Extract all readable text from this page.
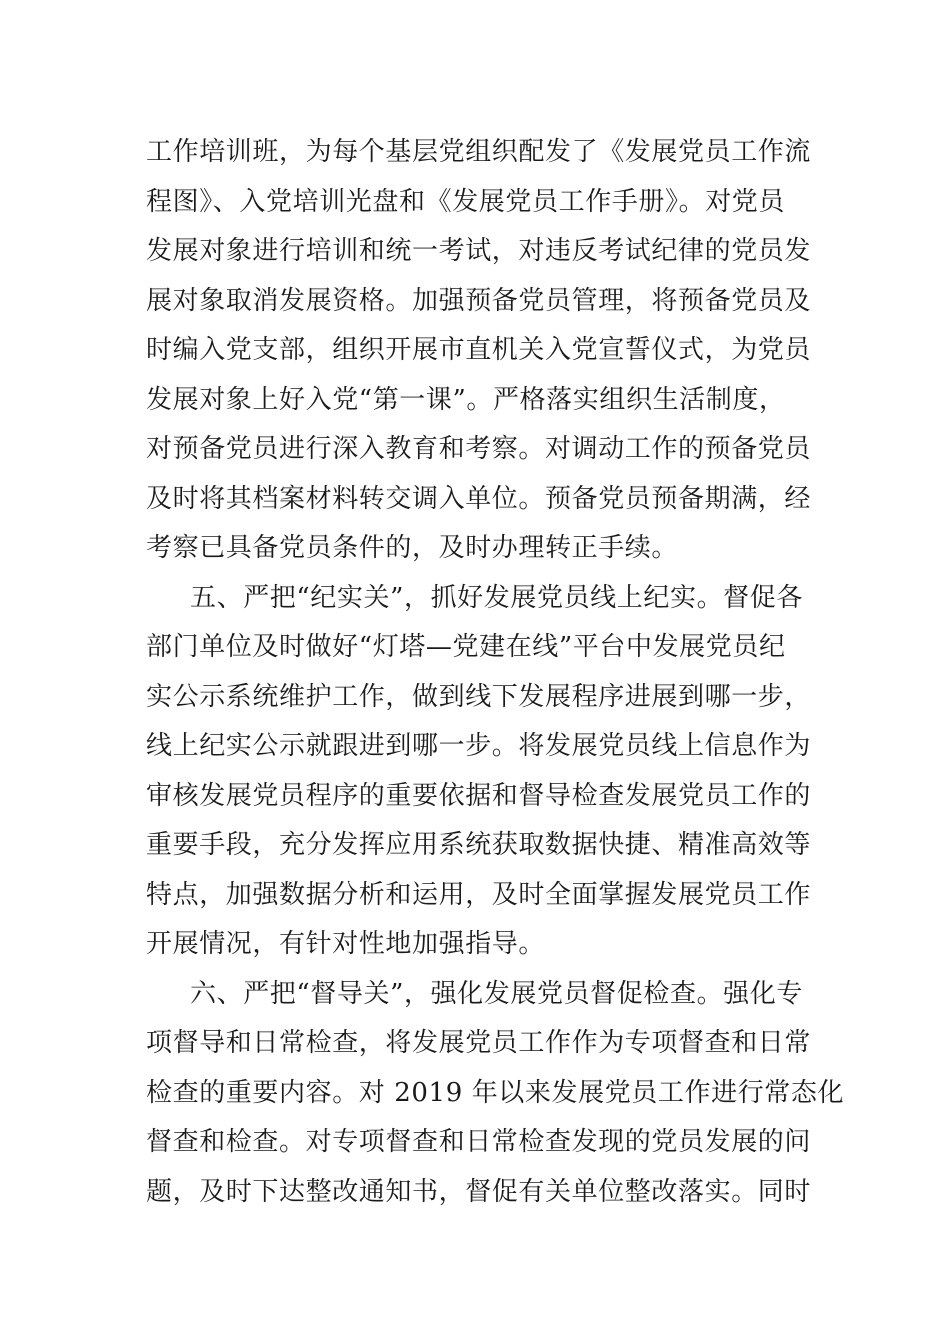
工作培训班，为每个基层党组织配发了《发展党员工作流
程图》、入党培训光盘和《发展党员工作手册》。对党员
发展对象进行培训和统一考试，对违反考试纪律的党员发
展对象取消发展资格。加强预备党员管理，将预备党员及
时编入党支部，组织开展市直机关入党宣誓仪式，为党员
发展对象上好入党“第一课”。严格落实组织生活制度，
对预备党员进行深入教育和考察。对调动工作的预备党员
及时将其档案材料转交调入单位。预备党员预备期满，经
考察已具备党员条件的，及时办理转正手续。
五、严把“纪实关”，抓好发展党员线上纪实。督促各
部门单位及时做好“灯塔—党建在线”平台中发展党员纪
实公示系统维护工作，做到线下发展程序进展到哪一步，
线上纪实公示就跟进到哪一步。将发展党员线上信息作为
审核发展党员程序的重要依据和督导检查发展党员工作的
重要手段，充分发挥应用系统获取数据快捷、精准高效等
特点，加强数据分析和运用，及时全面掌握发展党员工作
开展情况，有针对性地加强指导。
六、严把“督导关”，强化发展党员督促检查。强化专
项督导和日常检查，将发展党员工作作为专项督查和日常
检查的重要内容。对 2019 年以来发展党员工作进行常态化
督查和检查。对专项督查和日常检查发现的党员发展的问
题，及时下达整改通知书，督促有关单位整改落实。同时
